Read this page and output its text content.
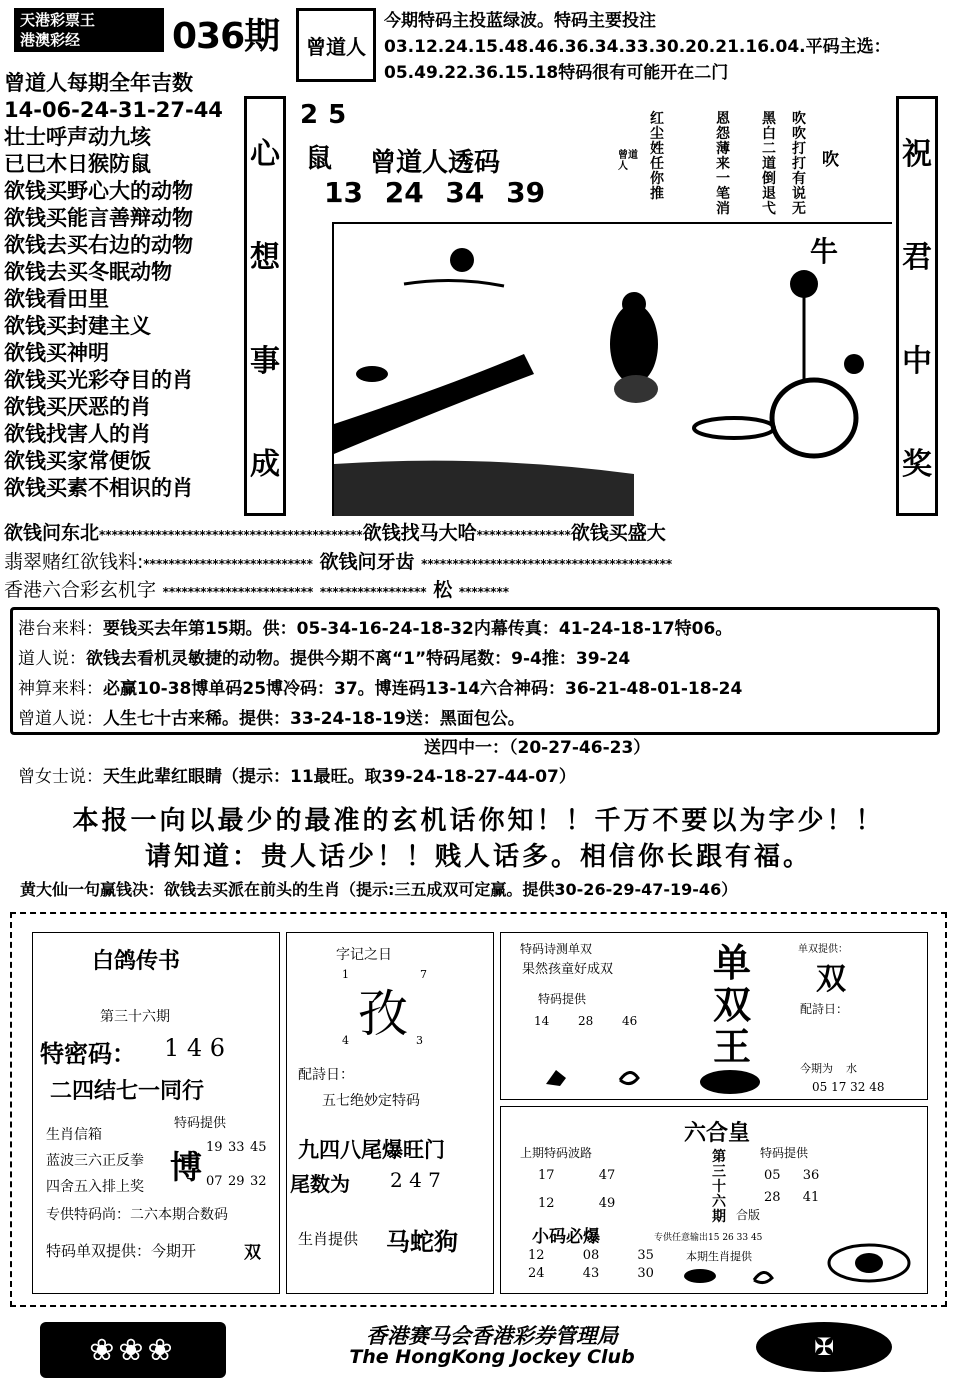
天港彩票王
港澳彩经	036期 曾道人
今期特码主投蓝绿波。特码主要投注03.12.24.15.48.46.36.34.33.30.20.21.16.04.平码主选：05.49.22.36.15.18特码很有可能开在二门
曾道人每期全年吉数
14-06-24-31-27-44
壮士呼声动九垓
已巳木日猴防鼠
欲钱买野心大的动物
欲钱买能言善辩动物
欲钱去买右边的动物
欲钱去买冬眠动物
欲钱看田里
欲钱买封建主义
欲钱买神明
欲钱买光彩夺目的肖
欲钱买厌恶的肖
欲钱找害人的肖
欲钱买家常便饭
欲钱买素不相识的肖
心
想
事
成
祝
君
中
奖
25
鼠 曾道人透码
13 24 34 39
吹吹打打有说无
黑白二道倒退弋
恩怨薄来一笔消
红尘姓任你推
曾道人	吹
牛
欲钱问东北******************************************欲钱找马大哈***************欲钱买盛大
翡翠赌红欲钱料:*************************** 欲钱问牙齿 ****************************************
香港六合彩玄机字 ************************ ***************** 松 ********
港台来料：要钱买去年第15期。供：05-34-16-24-18-32内幕传真：41-24-18-17特06。
道人说：欲钱去看机灵敏捷的动物。提供今期不离“1”特码尾数：9-4推：39-24
神算来料：必赢10-38博单码25博冷码：37。博连码13-14六合神码：36-21-48-01-18-24
曾道人说：人生七十古来稀。提供：33-24-18-19送：黑面包公。
送四中一：（20-27-46-23）
曾女士说：天生此辈红眼睛（提示：11最旺。取39-24-18-27-44-07）
本报一向以最少的最准的玄机话你知！！千万不要以为字少！！
请知道：贵人话少！！贱人话多。相信你长跟有福。
黄大仙一句赢钱决：欲钱去买派在前头的生肖（提示:三五成双可定赢。提供30-26-29-47-19-46）
白鸽传书
第三十六期
特密码： 1 4 6
二四结七一同行
生肖信箱
蓝波三六正反拳
四舍五入排上奖
专供特码尚：二六本期合数码
特码单双提供：今期开	双
特码提供
博
19 33 45
07 29 32
字记之日
1	7
孜
4	3
配詩日：
五七绝妙定特码
九四八尾爆旺门
尾数为 2 4 7
生肖提供 马蛇狗
特码诗测单双
果然孩童好成双
特码提供
14 28 46
单
双
王
单双提供：
双
配詩日：
今期为 水
05 17 32 48
六合皇
上期特码波路
17	47
12	49
第三十六期 合版
特码提供
05 36
28 41
小码必爆	专供任意输出15 26 33 45
12	08	35
24	43	30
本期生肖提供
❀❀❀	香港赛马会香港彩券管理局
The HongKong Jockey Club	✠
